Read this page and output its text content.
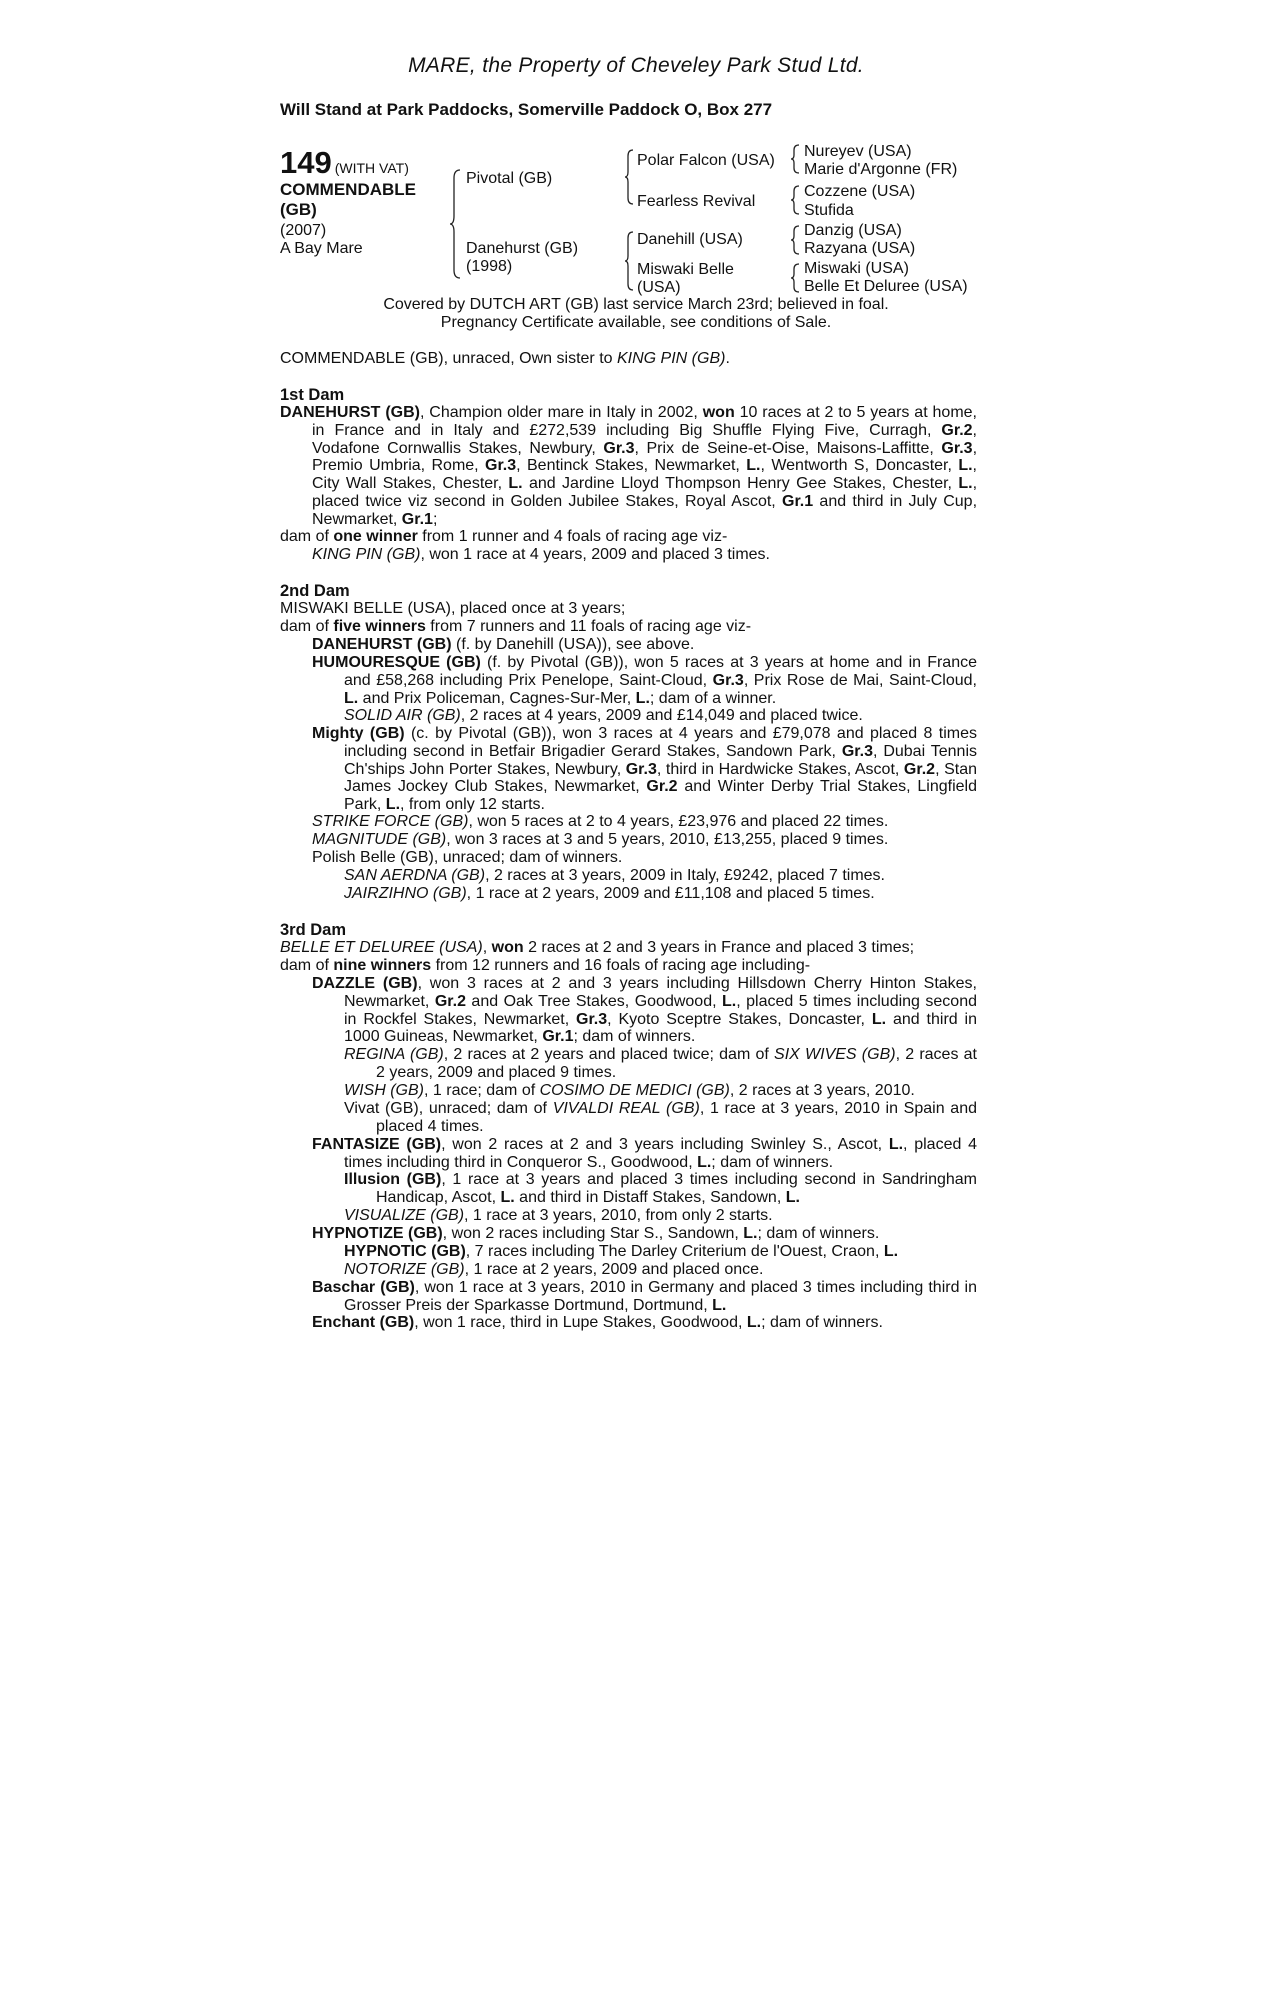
MARE, the Property of Cheveley Park Stud Ltd.
Will Stand at Park Paddocks, Somerville Paddock O, Box 277
149 (WITH VAT)
COMMENDABLE
(GB)
(2007)
A Bay Mare
Pivotal (GB)
Danehurst (GB)
(1998)
Polar Falcon (USA)
Fearless Revival
Danehill (USA)
Miswaki Belle
(USA)
Nureyev (USA)
Marie d'Argonne (FR)
Cozzene (USA)
Stufida
Danzig (USA)
Razyana (USA)
Miswaki (USA)
Belle Et Deluree (USA)
Covered by DUTCH ART (GB) last service March 23rd; believed in foal.
Pregnancy Certificate available, see conditions of Sale.
COMMENDABLE (GB), unraced, Own sister to KING PIN (GB).
1st Dam
DANEHURST (GB), Champion older mare in Italy in 2002, won 10 races at 2 to 5 years at home, in France and in Italy and £272,539 including Big Shuffle Flying Five, Curragh, Gr.2, Vodafone Cornwallis Stakes, Newbury, Gr.3, Prix de Seine-et-Oise, Maisons-Laffitte, Gr.3, Premio Umbria, Rome, Gr.3, Bentinck Stakes, Newmarket, L., Wentworth S, Doncaster, L., City Wall Stakes, Chester, L. and Jardine Lloyd Thompson Henry Gee Stakes, Chester, L., placed twice viz second in Golden Jubilee Stakes, Royal Ascot, Gr.1 and third in July Cup, Newmarket, Gr.1;
dam of one winner from 1 runner and 4 foals of racing age viz-
KING PIN (GB), won 1 race at 4 years, 2009 and placed 3 times.
2nd Dam
MISWAKI BELLE (USA), placed once at 3 years;
dam of five winners from 7 runners and 11 foals of racing age viz-
DANEHURST (GB) (f. by Danehill (USA)), see above.
HUMOURESQUE (GB) (f. by Pivotal (GB)), won 5 races at 3 years at home and in France and £58,268 including Prix Penelope, Saint-Cloud, Gr.3, Prix Rose de Mai, Saint-Cloud, L. and Prix Policeman, Cagnes-Sur-Mer, L.; dam of a winner.
SOLID AIR (GB), 2 races at 4 years, 2009 and £14,049 and placed twice.
Mighty (GB) (c. by Pivotal (GB)), won 3 races at 4 years and £79,078 and placed 8 times including second in Betfair Brigadier Gerard Stakes, Sandown Park, Gr.3, Dubai Tennis Ch'ships John Porter Stakes, Newbury, Gr.3, third in Hardwicke Stakes, Ascot, Gr.2, Stan James Jockey Club Stakes, Newmarket, Gr.2 and Winter Derby Trial Stakes, Lingfield Park, L., from only 12 starts.
STRIKE FORCE (GB), won 5 races at 2 to 4 years, £23,976 and placed 22 times.
MAGNITUDE (GB), won 3 races at 3 and 5 years, 2010, £13,255, placed 9 times.
Polish Belle (GB), unraced; dam of winners.
SAN AERDNA (GB), 2 races at 3 years, 2009 in Italy, £9242, placed 7 times.
JAIRZIHNO (GB), 1 race at 2 years, 2009 and £11,108 and placed 5 times.
3rd Dam
BELLE ET DELUREE (USA), won 2 races at 2 and 3 years in France and placed 3 times;
dam of nine winners from 12 runners and 16 foals of racing age including-
DAZZLE (GB), won 3 races at 2 and 3 years including Hillsdown Cherry Hinton Stakes, Newmarket, Gr.2 and Oak Tree Stakes, Goodwood, L., placed 5 times including second in Rockfel Stakes, Newmarket, Gr.3, Kyoto Sceptre Stakes, Doncaster, L. and third in 1000 Guineas, Newmarket, Gr.1; dam of winners.
REGINA (GB), 2 races at 2 years and placed twice; dam of SIX WIVES (GB), 2 races at 2 years, 2009 and placed 9 times.
WISH (GB), 1 race; dam of COSIMO DE MEDICI (GB), 2 races at 3 years, 2010.
Vivat (GB), unraced; dam of VIVALDI REAL (GB), 1 race at 3 years, 2010 in Spain and placed 4 times.
FANTASIZE (GB), won 2 races at 2 and 3 years including Swinley S., Ascot, L., placed 4 times including third in Conqueror S., Goodwood, L.; dam of winners.
Illusion (GB), 1 race at 3 years and placed 3 times including second in Sandringham Handicap, Ascot, L. and third in Distaff Stakes, Sandown, L.
VISUALIZE (GB), 1 race at 3 years, 2010, from only 2 starts.
HYPNOTIZE (GB), won 2 races including Star S., Sandown, L.; dam of winners.
HYPNOTIC (GB), 7 races including The Darley Criterium de l'Ouest, Craon, L.
NOTORIZE (GB), 1 race at 2 years, 2009 and placed once.
Baschar (GB), won 1 race at 3 years, 2010 in Germany and placed 3 times including third in Grosser Preis der Sparkasse Dortmund, Dortmund, L.
Enchant (GB), won 1 race, third in Lupe Stakes, Goodwood, L.; dam of winners.
